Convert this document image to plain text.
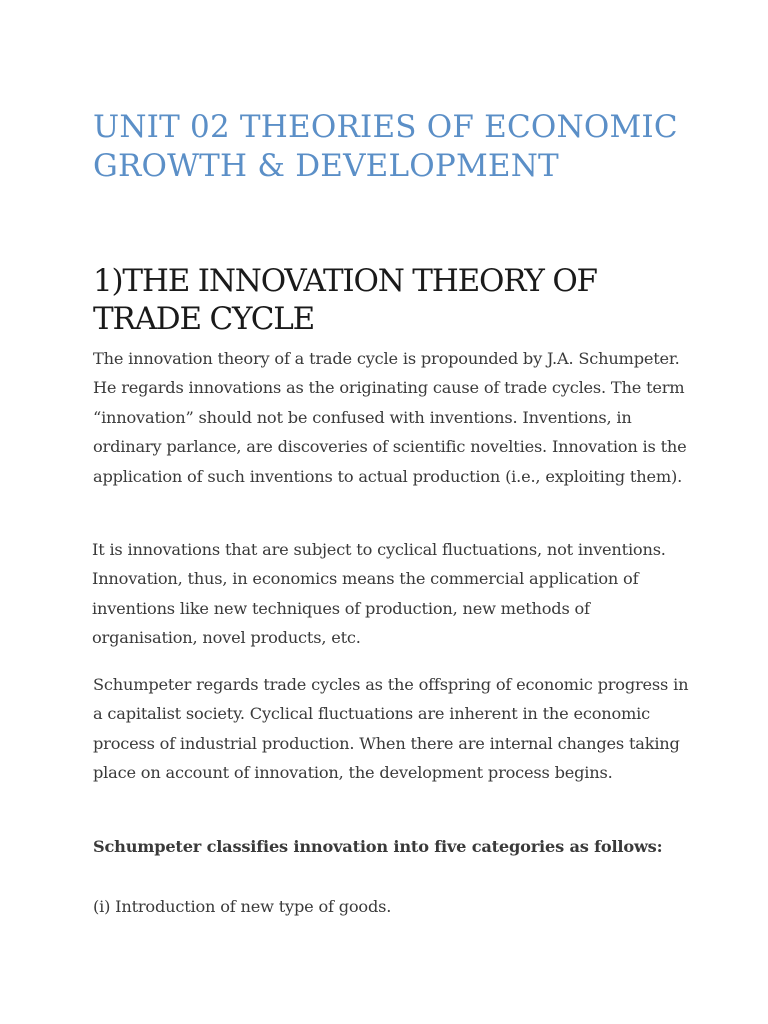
UNIT 02 THEORIES OF ECONOMIC GROWTH & DEVELOPMENT
1)THE INNOVATION THEORY OF TRADE CYCLE

The innovation theory of a trade cycle is propounded by J.A. Schumpeter. He regards innovations as the originating cause of trade cycles. The term “innovation” should not be confused with inventions. Inventions, in ordinary parlance, are discoveries of scientific novelties. Innovation is the application of such inventions to actual production (i.e., exploiting them).

It is innovations that are subject to cyclical fluctuations, not inventions. Innovation, thus, in economics means the commercial application of inventions like new techniques of production, new methods of organisation, novel products, etc.

Schumpeter regards trade cycles as the offspring of economic progress in a capitalist society. Cyclical fluctuations are inherent in the economic process of industrial production. When there are internal changes taking place on account of innovation, the development process begins.

Schumpeter classifies innovation into five categories as follows:

(i) Introduction of new type of goods.
